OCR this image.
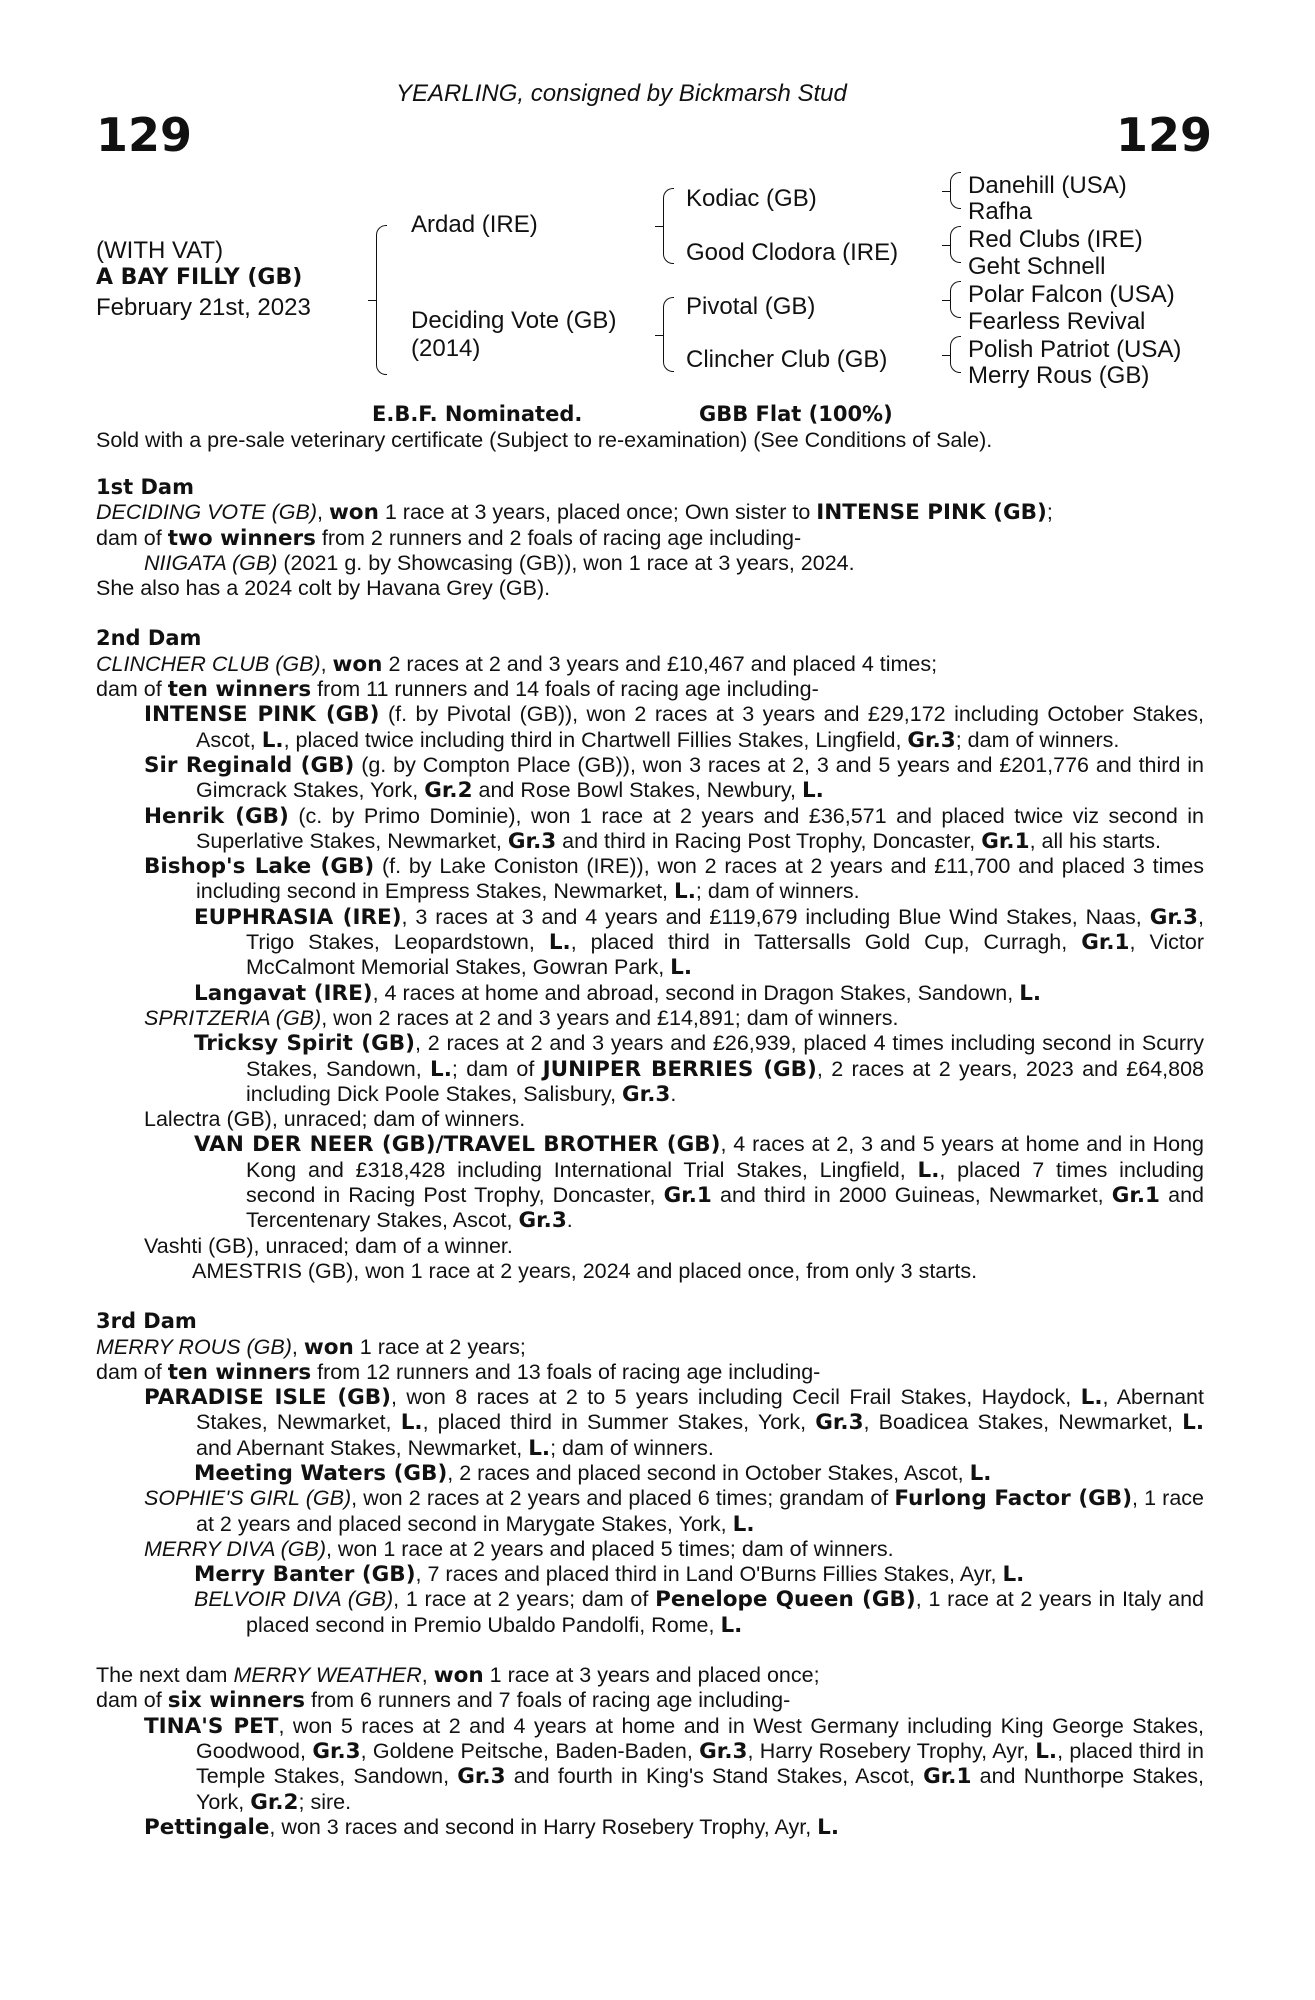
YEARLING, consigned by Bickmarsh Stud
129	129
(WITH VAT)
A BAY FILLY (GB)
February 21st, 2023
Ardad (IRE)
Deciding Vote (GB)
(2014)
Kodiac (GB)
Good Clodora (IRE)
Pivotal (GB)
Clincher Club (GB)
Danehill (USA)
Rafha
Red Clubs (IRE)
Geht Schnell
Polar Falcon (USA)
Fearless Revival
Polish Patriot (USA)
Merry Rous (GB)
E.B.F. Nominated.	GBB Flat (100%)
Sold with a pre-sale veterinary certificate (Subject to re-examination) (See Conditions of Sale).

1st Dam

DECIDING VOTE (GB), won 1 race at 3 years, placed once; Own sister to INTENSE PINK (GB);

dam of two winners from 2 runners and 2 foals of racing age including-

NIIGATA (GB) (2021 g. by Showcasing (GB)), won 1 race at 3 years, 2024.

She also has a 2024 colt by Havana Grey (GB).

2nd Dam

CLINCHER CLUB (GB), won 2 races at 2 and 3 years and £10,467 and placed 4 times;

dam of ten winners from 11 runners and 14 foals of racing age including-

INTENSE PINK (GB) (f. by Pivotal (GB)), won 2 races at 3 years and £29,172 including October Stakes, Ascot, L., placed twice including third in Chartwell Fillies Stakes, Lingfield, Gr.3; dam of winners.

Sir Reginald (GB) (g. by Compton Place (GB)), won 3 races at 2, 3 and 5 years and £201,776 and third in Gimcrack Stakes, York, Gr.2 and Rose Bowl Stakes, Newbury, L.

Henrik (GB) (c. by Primo Dominie), won 1 race at 2 years and £36,571 and placed twice viz second in Superlative Stakes, Newmarket, Gr.3 and third in Racing Post Trophy, Doncaster, Gr.1, all his starts.

Bishop's Lake (GB) (f. by Lake Coniston (IRE)), won 2 races at 2 years and £11,700 and placed 3 times including second in Empress Stakes, Newmarket, L.; dam of winners.

EUPHRASIA (IRE), 3 races at 3 and 4 years and £119,679 including Blue Wind Stakes, Naas, Gr.3, Trigo Stakes, Leopardstown, L., placed third in Tattersalls Gold Cup, Curragh, Gr.1, Victor McCalmont Memorial Stakes, Gowran Park, L.

Langavat (IRE), 4 races at home and abroad, second in Dragon Stakes, Sandown, L.

SPRITZERIA (GB), won 2 races at 2 and 3 years and £14,891; dam of winners.

Tricksy Spirit (GB), 2 races at 2 and 3 years and £26,939, placed 4 times including second in Scurry Stakes, Sandown, L.; dam of JUNIPER BERRIES (GB), 2 races at 2 years, 2023 and £64,808 including Dick Poole Stakes, Salisbury, Gr.3.

Lalectra (GB), unraced; dam of winners.

VAN DER NEER (GB)/TRAVEL BROTHER (GB), 4 races at 2, 3 and 5 years at home and in Hong Kong and £318,428 including International Trial Stakes, Lingfield, L., placed 7 times including second in Racing Post Trophy, Doncaster, Gr.1 and third in 2000 Guineas, Newmarket, Gr.1 and Tercentenary Stakes, Ascot, Gr.3.

Vashti (GB), unraced; dam of a winner.

AMESTRIS (GB), won 1 race at 2 years, 2024 and placed once, from only 3 starts.

3rd Dam

MERRY ROUS (GB), won 1 race at 2 years;

dam of ten winners from 12 runners and 13 foals of racing age including-

PARADISE ISLE (GB), won 8 races at 2 to 5 years including Cecil Frail Stakes, Haydock, L., Abernant Stakes, Newmarket, L., placed third in Summer Stakes, York, Gr.3, Boadicea Stakes, Newmarket, L. and Abernant Stakes, Newmarket, L.; dam of winners.

Meeting Waters (GB), 2 races and placed second in October Stakes, Ascot, L.

SOPHIE'S GIRL (GB), won 2 races at 2 years and placed 6 times; grandam of Furlong Factor (GB), 1 race at 2 years and placed second in Marygate Stakes, York, L.

MERRY DIVA (GB), won 1 race at 2 years and placed 5 times; dam of winners.

Merry Banter (GB), 7 races and placed third in Land O'Burns Fillies Stakes, Ayr, L.

BELVOIR DIVA (GB), 1 race at 2 years; dam of Penelope Queen (GB), 1 race at 2 years in Italy and placed second in Premio Ubaldo Pandolfi, Rome, L.

The next dam MERRY WEATHER, won 1 race at 3 years and placed once;

dam of six winners from 6 runners and 7 foals of racing age including-

TINA'S PET, won 5 races at 2 and 4 years at home and in West Germany including King George Stakes, Goodwood, Gr.3, Goldene Peitsche, Baden-Baden, Gr.3, Harry Rosebery Trophy, Ayr, L., placed third in Temple Stakes, Sandown, Gr.3 and fourth in King's Stand Stakes, Ascot, Gr.1 and Nunthorpe Stakes, York, Gr.2; sire.

Pettingale, won 3 races and second in Harry Rosebery Trophy, Ayr, L.
